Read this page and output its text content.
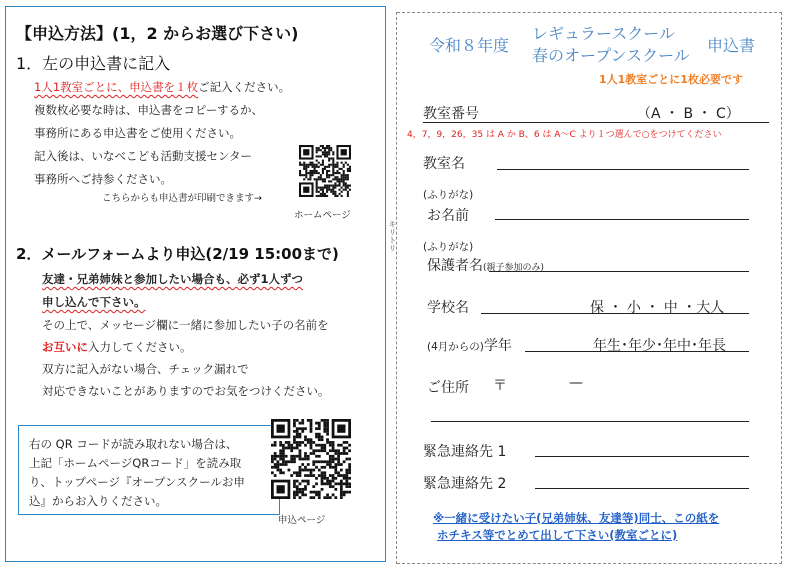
【申込方法】(1，2 からお選び下さい)
1．左の申込書に記入
1人1教室ごとに、申込書を１枚ご記入ください。
複数枚必要な時は、申込書をコピーするか、
事務所にある申込書をご使用ください。
記入後は、いなべこども活動支援センター
事務所へご持参ください。
こちらからも申込書が印刷できます→
ホームページ
2．メールフォームより申込(2/19 15:00まで)
友達・兄弟姉妹と参加したい場合も、必ず1人ずつ
申し込んで下さい。
その上で、メッセージ欄に一緒に参加したい子の名前を
お互いに入力してください。
双方に記入がない場合、チェック漏れで
対応できないことがありますのでお気をつけください。
右の QR コードが読み取れない場合は、
上記「ホームページQRコード」を読み取
り、トップページ『オープンスクールお申
込』からお入りください。
申込ページ
キリトリ
令和８年度
レギュラースクール
春のオープンスクール
申込書
1人1教室ごとに1枚必要です
教室番号	（A ・ B ・ C）
4，7，9，26，35 は A か B、6 は A～C より１つ選んで○をつけてください
教室名
(ふりがな)
お名前
(ふりがな)
保護者名(親子参加のみ)
学校名	保 ・ 小 ・ 中 ・大人
(4月からの)学年	年生･年少･年中･年長
ご住所 〒	—
緊急連絡先 1
緊急連絡先 2
※一緒に受けたい子(兄弟姉妹、友達等)同士、この紙を
ホチキス等でとめて出して下さい(教室ごとに)
